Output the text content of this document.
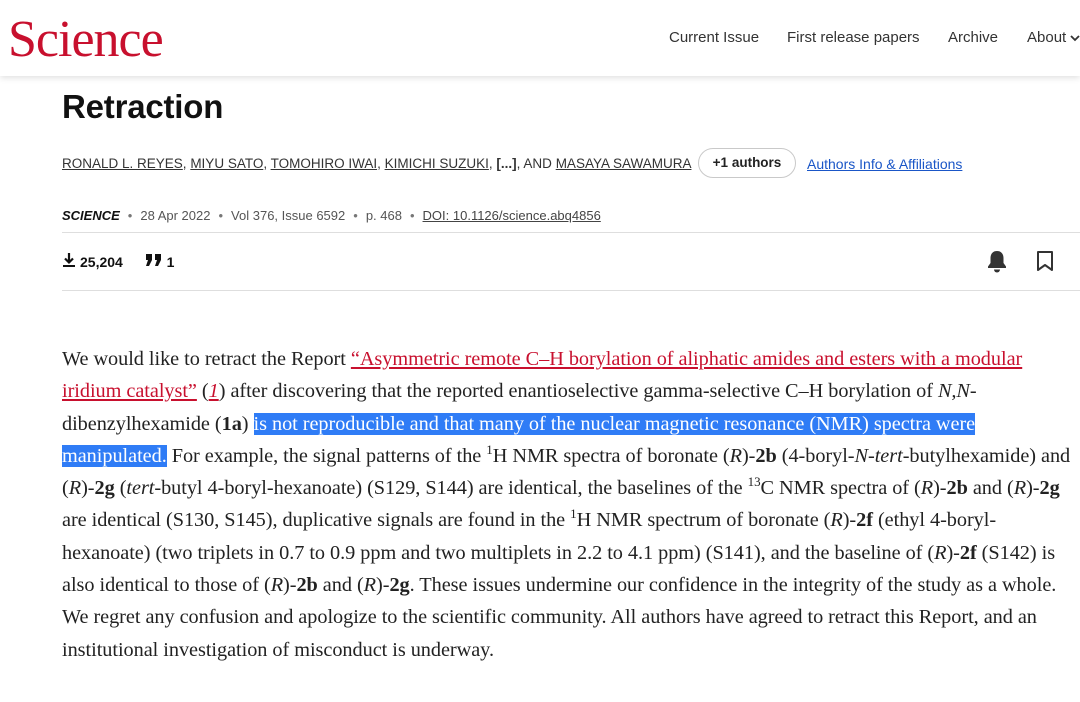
Science	Current Issue First release papers Archive About
Retraction
RONALD L. REYES, MIYU SATO, TOMOHIRO IWAI, KIMICHI SUZUKI, [...], AND MASAYA SAWAMURA	+1 authors	Authors Info & Affiliations
SCIENCE • 28 Apr 2022 • Vol 376, Issue 6592 • p. 468 • DOI: 10.1126/science.abq4856
25,204	1

We would like to retract the Report “Asymmetric remote C–H borylation of aliphatic amides and esters with a modular iridium catalyst” (1) after discovering that the reported enantioselective gamma-selective C–H borylation of N,N-dibenzylhexamide (1a) is not reproducible and that many of the nuclear magnetic resonance (NMR) spectra were manipulated. For example, the signal patterns of the $^1$H NMR spectra of boronate (R)-2b (4-boryl-N-tert-butylhexamide) and (R)-2g (tert-butyl 4-boryl-hexanoate) (S129, S144) are identical, the baselines of the $^{13}$C NMR spectra of (R)-2b and (R)-2g are identical (S130, S145), duplicative signals are found in the $^1$H NMR spectrum of boronate (R)-2f (ethyl 4-boryl-hexanoate) (two triplets in 0.7 to 0.9 ppm and two multiplets in 2.2 to 4.1 ppm) (S141), and the baseline of (R)-2f (S142) is also identical to those of (R)-2b and (R)-2g. These issues undermine our confidence in the integrity of the study as a whole. We regret any confusion and apologize to the scientific community. All authors have agreed to retract this Report, and an institutional investigation of misconduct is underway.
